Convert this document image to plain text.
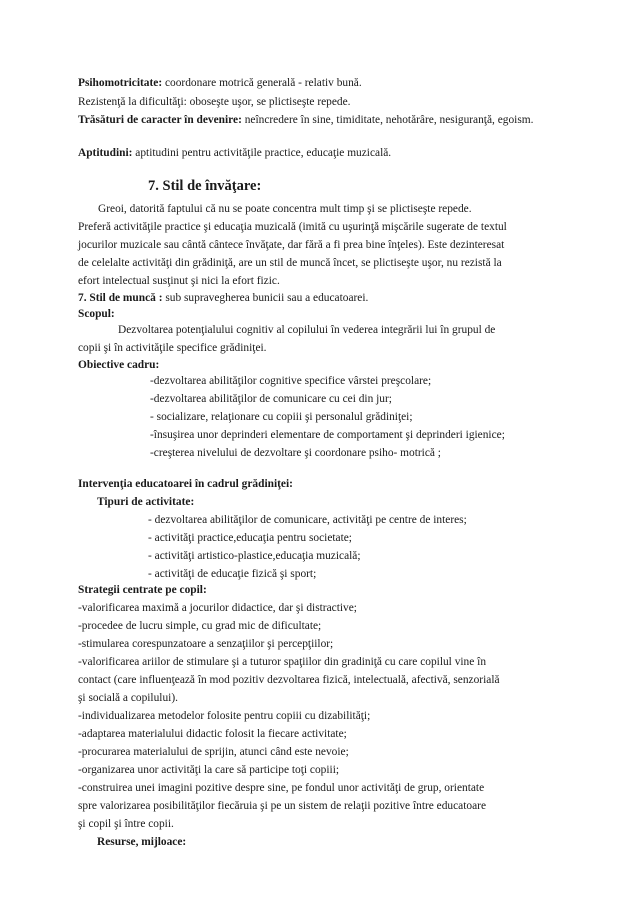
Psihomotricitate: coordonare motrică generală - relativ bună.
Rezistenţă la dificultăţi: oboseşte uşor, se plictiseşte repede.
Trăsături de caracter în devenire: neîncredere în sine, timiditate, nehotărâre, nesiguranţă, egoism.
Aptitudini: aptitudini pentru activităţile practice, educaţie muzicală.
7. Stil de învăţare:
Greoi, datorită faptului că nu se poate concentra mult timp şi se plictiseşte repede.
Preferă activităţile practice şi educaţia muzicală (imită cu uşurinţă mişcările sugerate de textul
jocurilor muzicale sau cântă cântece învăţate, dar fără a fi prea bine înţeles). Este dezinteresat
de celelalte activităţi din grădiniţă, are un stil de muncă încet, se plictiseşte uşor, nu rezistă la
efort intelectual susţinut şi nici la efort fizic.
7. Stil de muncă : sub supravegherea bunicii sau a educatoarei.
Scopul:
Dezvoltarea potenţialului cognitiv al copilului în vederea integrării lui în grupul de
copii şi în activităţile specifice grădiniţei.
Obiective cadru:
-dezvoltarea abilităţilor cognitive specifice vârstei preşcolare;
-dezvoltarea abilităţilor de comunicare cu cei din jur;
- socializare, relaţionare cu copiii şi personalul grădiniţei;
-însuşirea unor deprinderi elementare de comportament şi deprinderi igienice;
-creşterea nivelului de dezvoltare şi coordonare psiho- motrică ;
Intervenţia educatoarei în cadrul grădiniţei:
Tipuri de activitate:
- dezvoltarea abilităţilor de comunicare, activităţi pe centre de interes;
- activităţi practice,educaţia pentru societate;
- activităţi artistico-plastice,educaţia muzicală;
- activităţi de educaţie fizică şi sport;
Strategii centrate pe copil:
-valorificarea maximă a jocurilor didactice, dar şi distractive;
-procedee de lucru simple, cu grad mic de dificultate;
-stimularea corespunzatoare a senzaţiilor şi percepţiilor;
-valorificarea ariilor de stimulare şi a tuturor spaţiilor din gradiniţă cu care copilul vine în
contact (care influenţează în mod pozitiv dezvoltarea fizică, intelectuală, afectivă, senzorială
şi socială a copilului).
-individualizarea metodelor folosite pentru copiii cu dizabilităţi;
-adaptarea materialului didactic folosit la fiecare activitate;
-procurarea materialului de sprijin, atunci când este nevoie;
-organizarea unor activităţi la care să participe toţi copiii;
-construirea unei imagini pozitive despre sine, pe fondul unor activităţi de grup, orientate
spre valorizarea posibilităţilor fiecăruia şi pe un sistem de relaţii pozitive între educatoare
şi copil şi între copii.
Resurse, mijloace:
